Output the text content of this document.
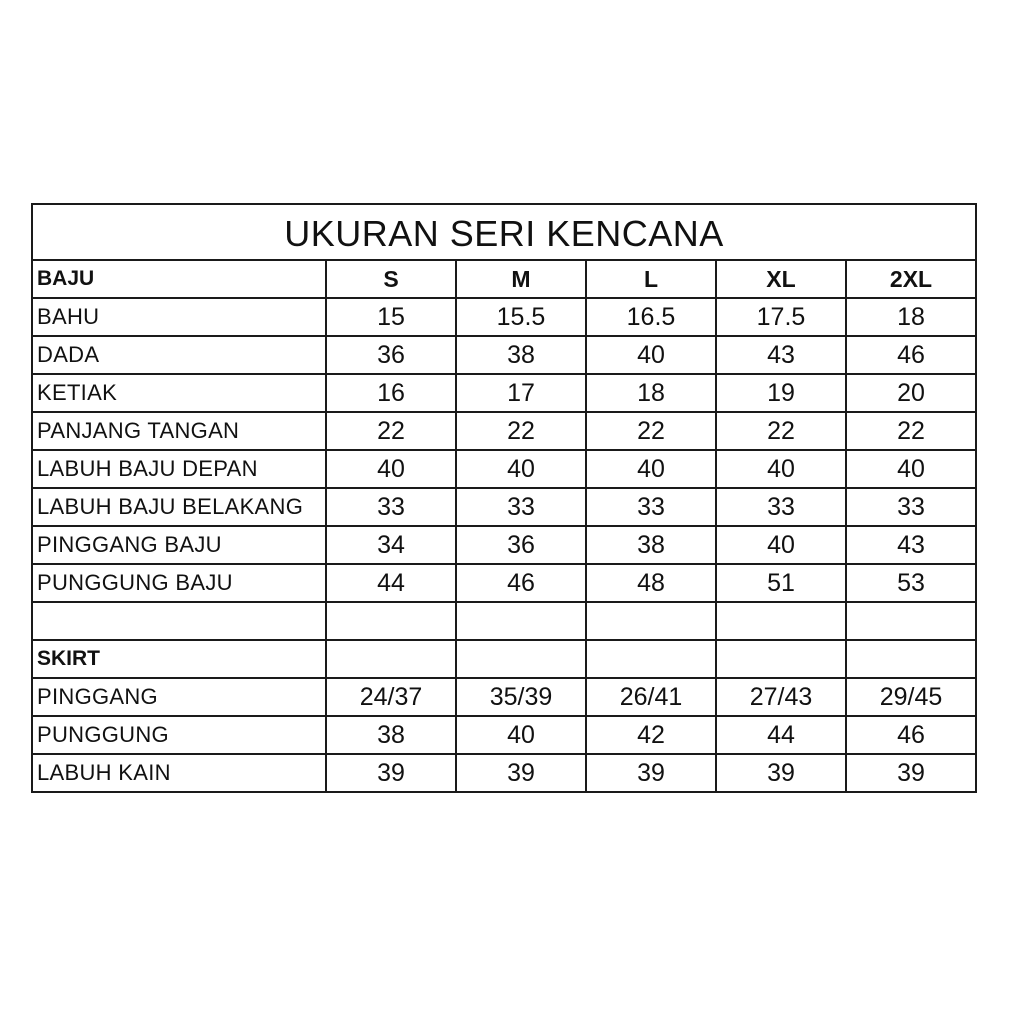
UKURAN SERI KENCANA					
BAJU	S	M	L	XL	2XL
BAHU	15	15.5	16.5	17.5	18
DADA	36	38	40	43	46
KETIAK	16	17	18	19	20
PANJANG TANGAN	22	22	22	22	22
LABUH BAJU DEPAN	40	40	40	40	40
LABUH BAJU BELAKANG	33	33	33	33	33
PINGGANG BAJU	34	36	38	40	43
PUNGGUNG BAJU	44	46	48	51	53

SKIRT					
PINGGANG	24/37	35/39	26/41	27/43	29/45
PUNGGUNG	38	40	42	44	46
LABUH KAIN	39	39	39	39	39
